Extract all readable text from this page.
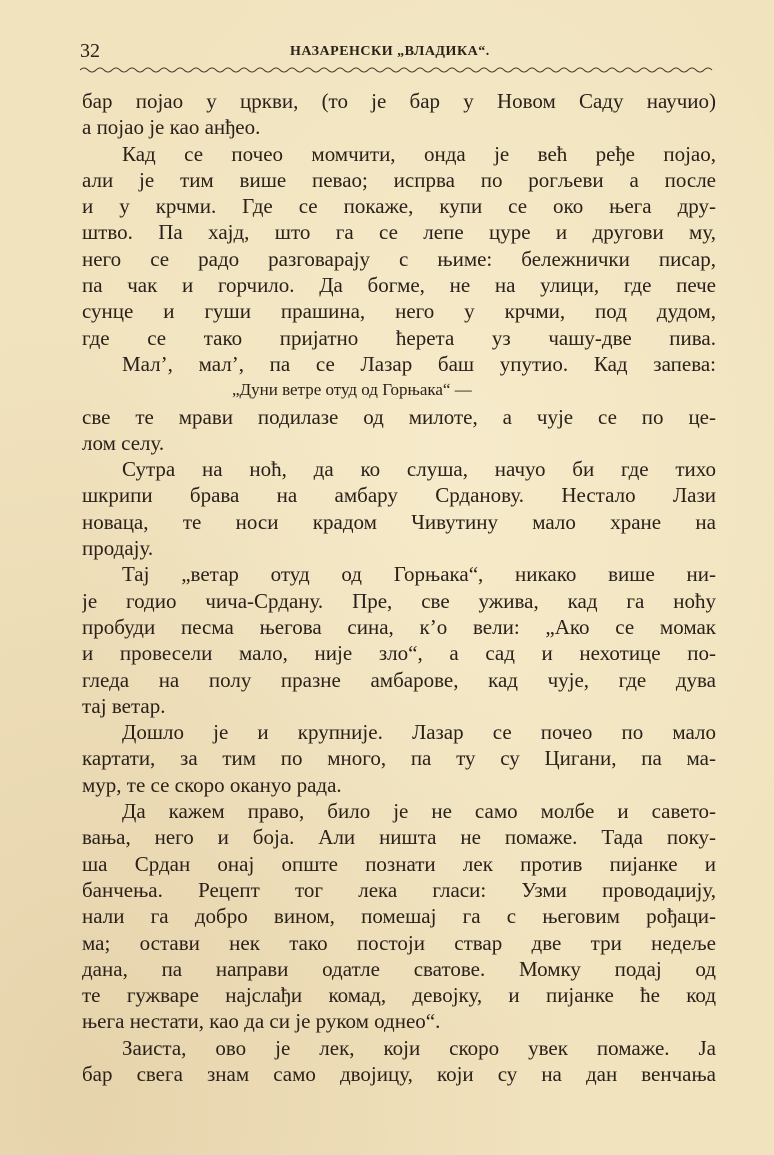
32	НАЗАРЕНСКИ „ВЛАДИКА“.
бар појао у цркви, (то је бар у Новом Саду научио)
а појао је као анђео.
Кад се почео момчити, онда је већ ређе појао,
али је тим више певао; испрва по рогљеви а после
и у крчми. Где се покаже, купи се око њега дру-
штво. Па хајд, што га се лепе цуре и другови му,
него се радо разговарају с њиме: бележнички писар,
па чак и горчило. Да богме, не на улици, где пече
сунце и гуши прашина, него у крчми, под дудом,
где се тако пријатно ћерета уз чашу-две пива.
Мал’, мал’, па се Лазар баш упутио. Кад запева:
„Дуни ветре отуд од Горњака“ —
све те мрави подилазе од милоте, а чује се по це-
лом селу.
Сутра на ноћ, да ко слуша, начуо би где тихо
шкрипи брава на амбару Срданову. Нестало Лази
новаца, те носи крадом Чивутину мало хране на
продају.
Тај „ветар отуд од Горњака“, никако више ни-
је годио чича-Срдану. Пре, све ужива, кад га ноћу
пробуди песма његова сина, к’о вели: „Ако се момак
и провесели мало, није зло“, а сад и нехотице по-
гледа на полу празне амбарове, кад чује, где дува
тај ветар.
Дошло је и крупније. Лазар се почео по мало
картати, за тим по много, па ту су Цигани, па ма-
мур, те се скоро окануо рада.
Да кажем право, било је не само молбе и савето-
вања, него и боја. Али ништа не помаже. Тада поку-
ша Срдан онај опште познати лек против пијанке и
банчења. Рецепт тог лека гласи: Узми проводаџију,
нали га добро вином, помешај га с његовим рођаци-
ма; остави нек тако постоји ствар две три недеље
дана, па направи одатле сватове. Момку подај од
те гужваре најслађи комад, девојку, и пијанке ће код
њега нестати, као да си је руком однео“.
Заиста, ово је лек, који скоро увек помаже. Ја
бар свега знам само двојицу, који су на дан венчања
